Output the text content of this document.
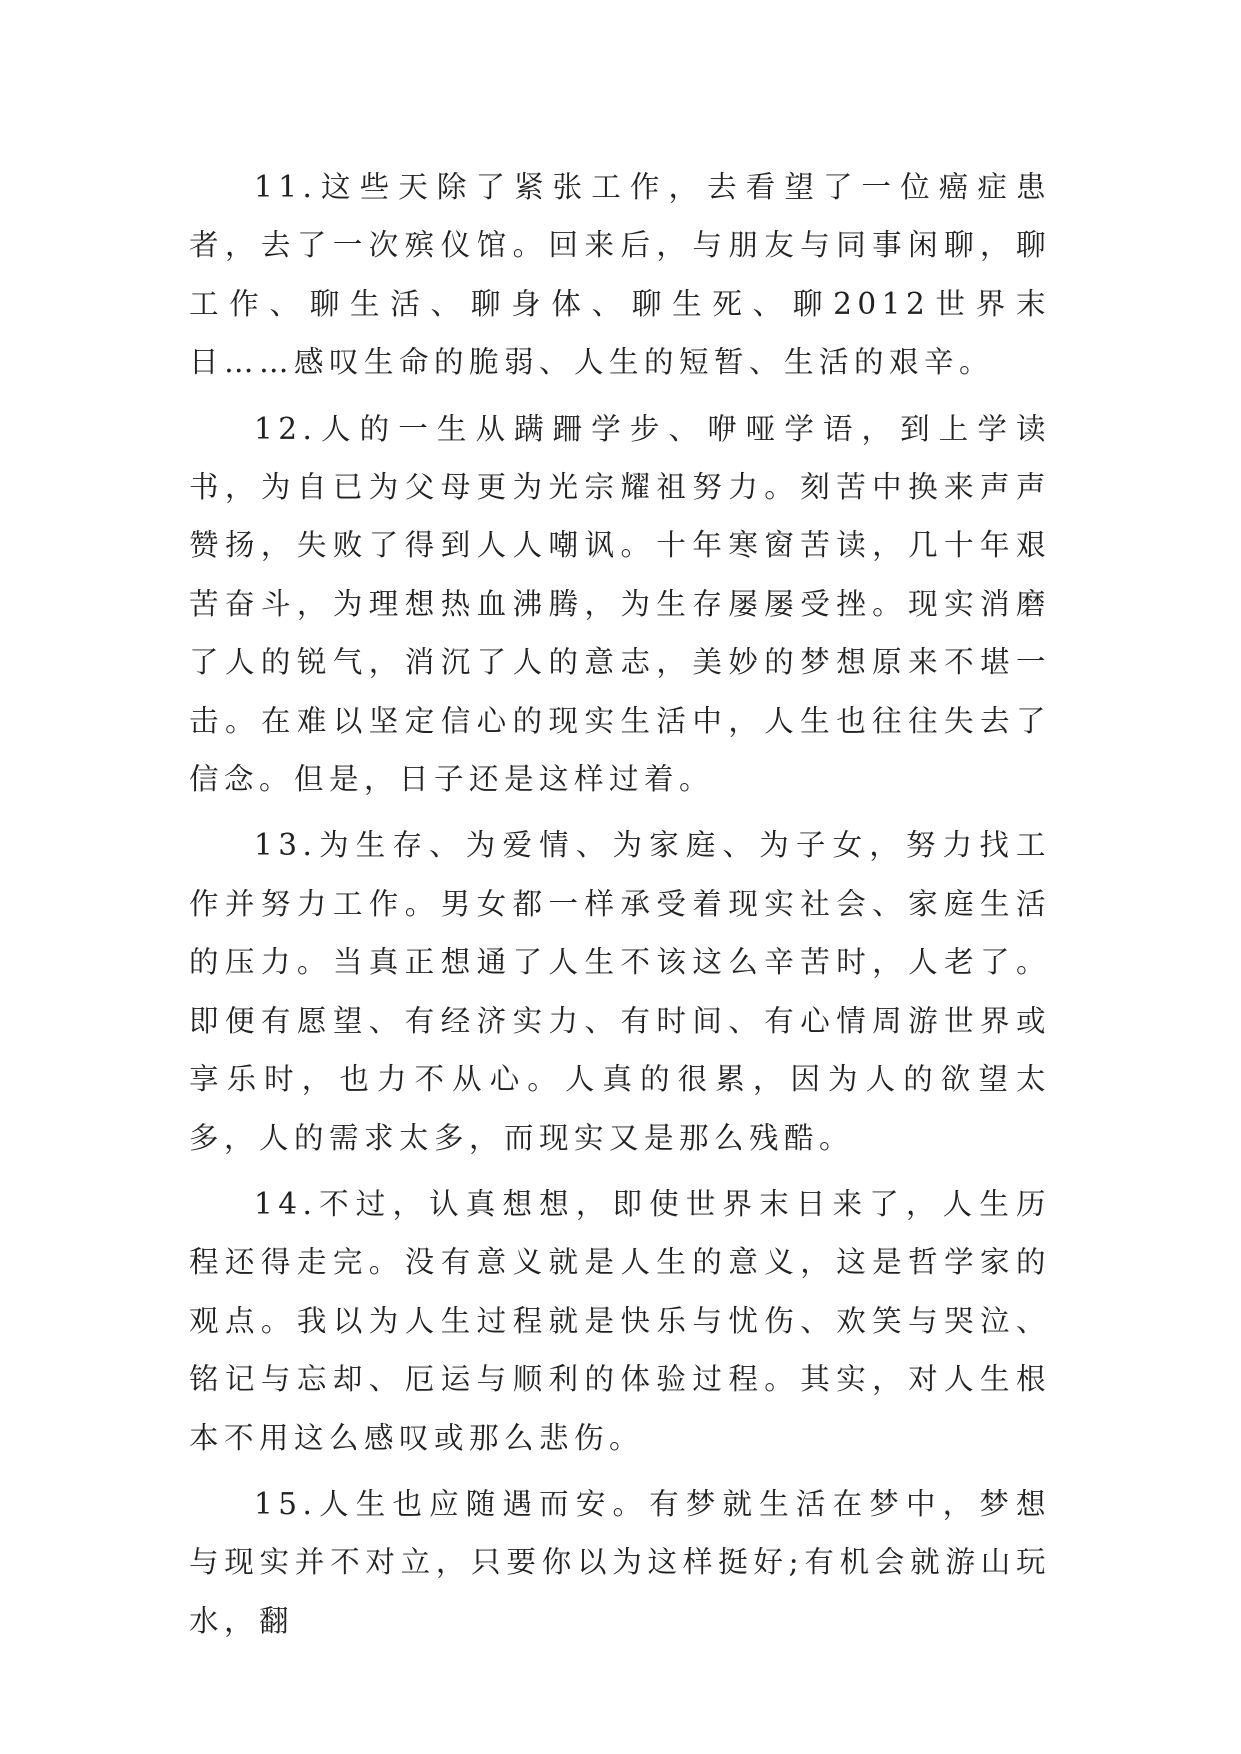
11.这些天除了紧张工作，去看望了一位癌症患者，去了一次殡仪馆。回来后，与朋友与同事闲聊，聊工作、聊生活、聊身体、聊生死、聊2012世界末日……感叹生命的脆弱、人生的短暂、生活的艰辛。

12.人的一生从蹒跚学步、咿哑学语，到上学读书，为自已为父母更为光宗耀祖努力。刻苦中换来声声赞扬，失败了得到人人嘲讽。十年寒窗苦读，几十年艰苦奋斗，为理想热血沸腾，为生存屡屡受挫。现实消磨了人的锐气，消沉了人的意志，美妙的梦想原来不堪一击。在难以坚定信心的现实生活中，人生也往往失去了信念。但是，日子还是这样过着。

13.为生存、为爱情、为家庭、为子女，努力找工作并努力工作。男女都一样承受着现实社会、家庭生活的压力。当真正想通了人生不该这么辛苦时，人老了。即便有愿望、有经济实力、有时间、有心情周游世界或享乐时，也力不从心。人真的很累，因为人的欲望太多，人的需求太多，而现实又是那么残酷。

14.不过，认真想想，即使世界末日来了，人生历程还得走完。没有意义就是人生的意义，这是哲学家的观点。我以为人生过程就是快乐与忧伤、欢笑与哭泣、铭记与忘却、厄运与顺利的体验过程。其实，对人生根本不用这么感叹或那么悲伤。

15.人生也应随遇而安。有梦就生活在梦中，梦想与现实并不对立，只要你以为这样挺好;有机会就游山玩水，翻
